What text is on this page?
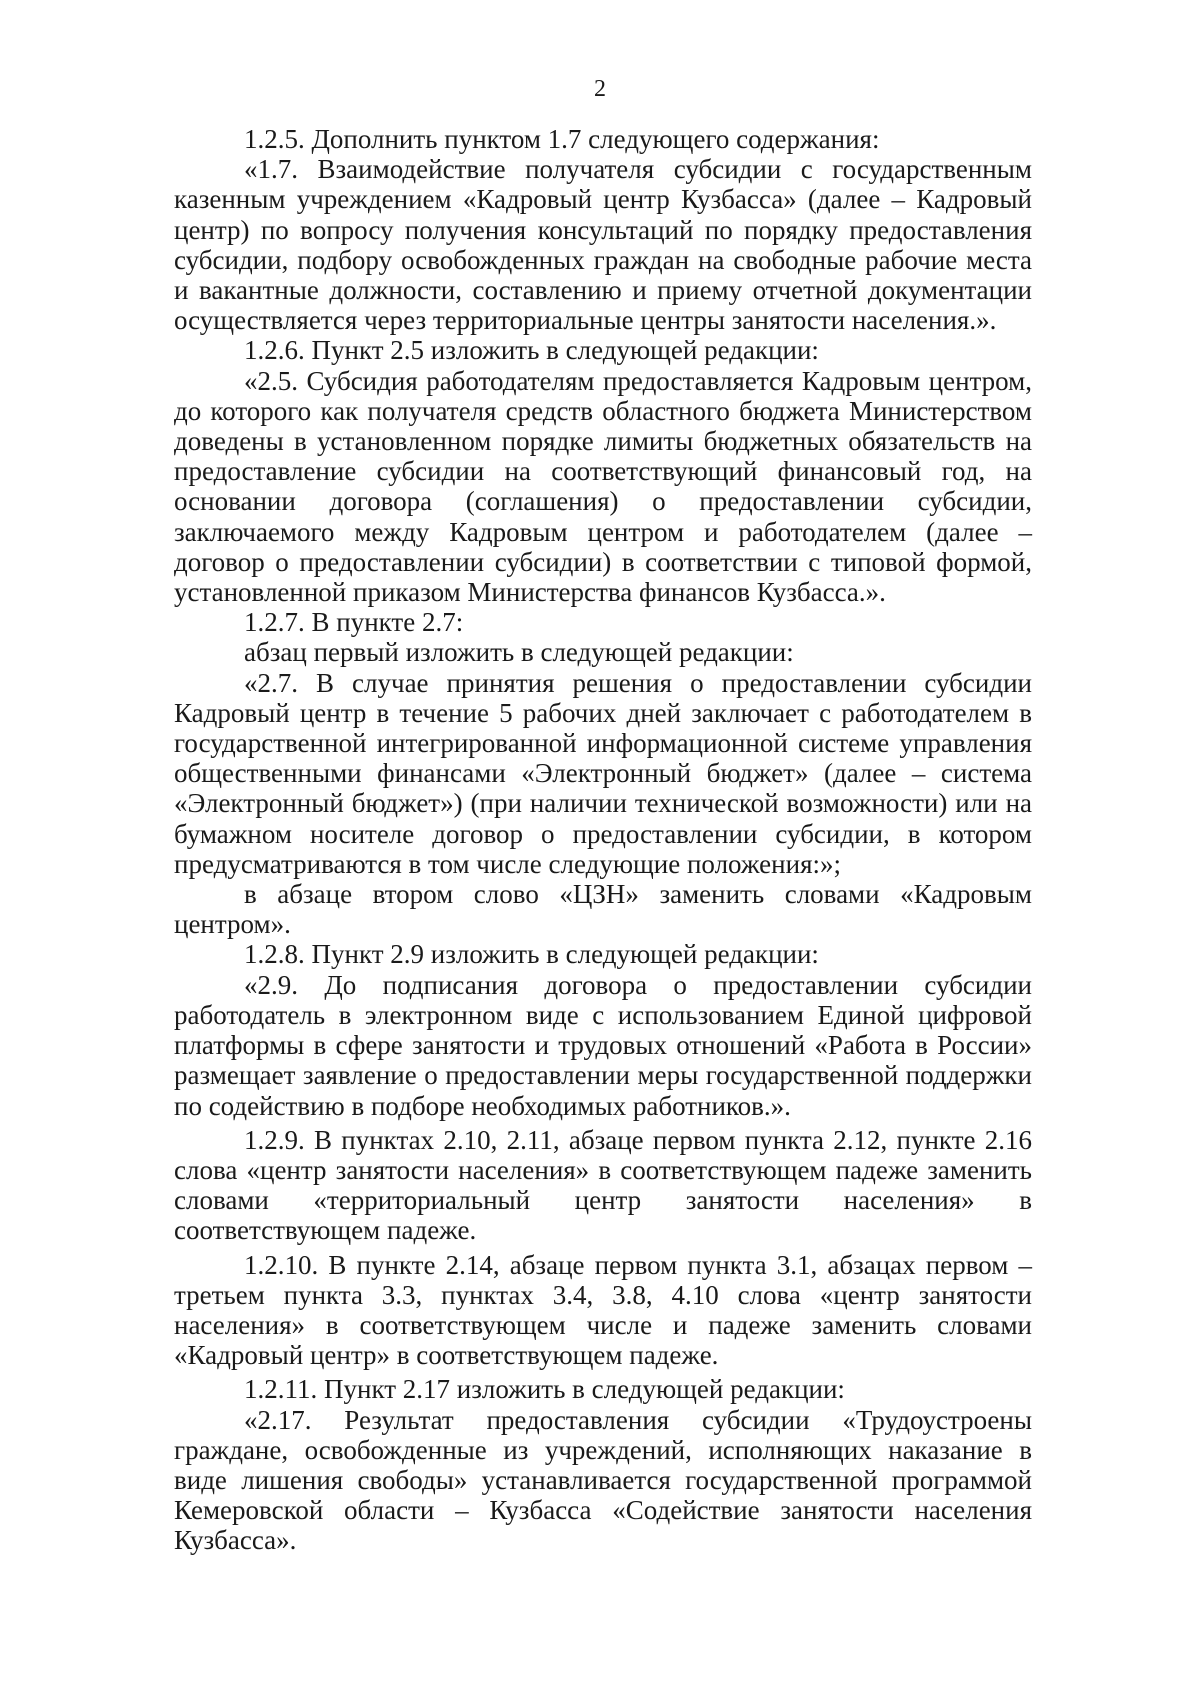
2

1.2.5. Дополнить пунктом 1.7 следующего содержания:

«1.7. Взаимодействие получателя субсидии с государственным казенным учреждением «Кадровый центр Кузбасса» (далее – Кадровый центр) по вопросу получения консультаций по порядку предоставления субсидии, подбору освобожденных граждан на свободные рабочие места и вакантные должности, составлению и приему отчетной документации осуществляется через территориальные центры занятости населения.».

1.2.6. Пункт 2.5 изложить в следующей редакции:

«2.5. Субсидия работодателям предоставляется Кадровым центром, до которого как получателя средств областного бюджета Министерством доведены в установленном порядке лимиты бюджетных обязательств на предоставление субсидии на соответствующий финансовый год, на основании договора (соглашения) о предоставлении субсидии, заключаемого между Кадровым центром и работодателем (далее – договор о предоставлении субсидии) в соответствии с типовой формой, установленной приказом Министерства финансов Кузбасса.».

1.2.7. В пункте 2.7:

абзац первый изложить в следующей редакции:

«2.7. В случае принятия решения о предоставлении субсидии Кадровый центр в течение 5 рабочих дней заключает с работодателем в государственной интегрированной информационной системе управления общественными финансами «Электронный бюджет» (далее – система «Электронный бюджет») (при наличии технической возможности) или на бумажном носителе договор о предоставлении субсидии, в котором предусматриваются в том числе следующие положения:»;

в абзаце втором слово «ЦЗН» заменить словами «Кадровым центром».

1.2.8. Пункт 2.9 изложить в следующей редакции:

«2.9. До подписания договора о предоставлении субсидии работодатель в электронном виде с использованием Единой цифровой платформы в сфере занятости и трудовых отношений «Работа в России» размещает заявление о предоставлении меры государственной поддержки по содействию в подборе необходимых работников.».

1.2.9. В пунктах 2.10, 2.11, абзаце первом пункта 2.12, пункте 2.16 слова «центр занятости населения» в соответствующем падеже заменить словами «территориальный центр занятости населения» в соответствующем падеже.

1.2.10. В пункте 2.14, абзаце первом пункта 3.1, абзацах первом – третьем пункта 3.3, пунктах 3.4, 3.8, 4.10 слова «центр занятости населения» в соответствующем числе и падеже заменить словами «Кадровый центр» в соответствующем падеже.

1.2.11. Пункт 2.17 изложить в следующей редакции:

«2.17. Результат предоставления субсидии «Трудоустроены граждане, освобожденные из учреждений, исполняющих наказание в виде лишения свободы» устанавливается государственной программой Кемеровской области – Кузбасса «Содействие занятости населения Кузбасса».
